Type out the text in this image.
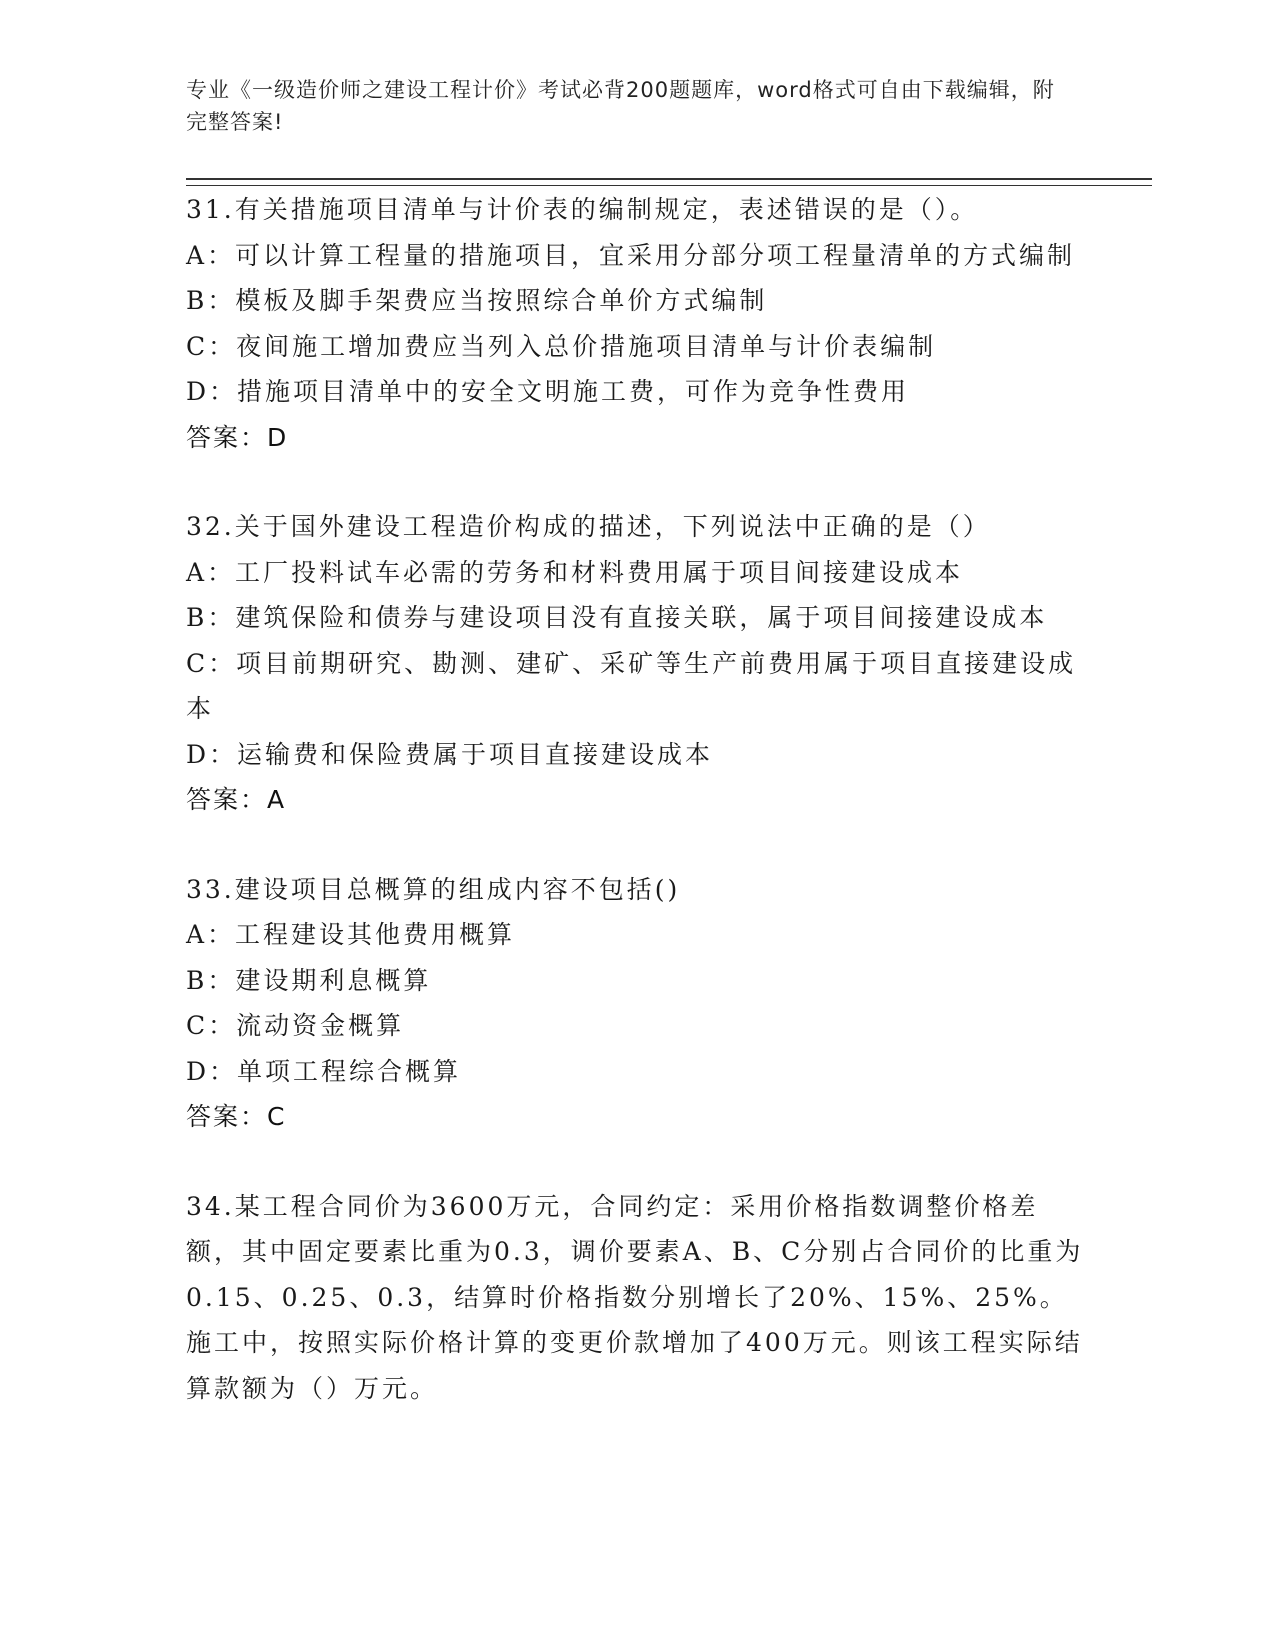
专业《一级造价师之建设工程计价》考试必背200题题库，word格式可自由下载编辑，附完整答案!
31.有关措施项目清单与计价表的编制规定，表述错误的是（）。
A：可以计算工程量的措施项目，宜采用分部分项工程量清单的方式编制
B：模板及脚手架费应当按照综合单价方式编制
C：夜间施工增加费应当列入总价措施项目清单与计价表编制
D：措施项目清单中的安全文明施工费，可作为竞争性费用
答案：D
32.关于国外建设工程造价构成的描述，下列说法中正确的是（）
A：工厂投料试车必需的劳务和材料费用属于项目间接建设成本
B：建筑保险和债券与建设项目没有直接关联，属于项目间接建设成本
C：项目前期研究、勘测、建矿、采矿等生产前费用属于项目直接建设成本
D：运输费和保险费属于项目直接建设成本
答案：A
33.建设项目总概算的组成内容不包括()
A：工程建设其他费用概算
B：建设期利息概算
C：流动资金概算
D：单项工程综合概算
答案：C
34.某工程合同价为3600万元，合同约定：采用价格指数调整价格差额，其中固定要素比重为0.3，调价要素A、B、C分别占合同价的比重为0.15、0.25、0.3，结算时价格指数分别增长了20%、15%、25%。施工中，按照实际价格计算的变更价款增加了400万元。则该工程实际结算款额为（）万元。
